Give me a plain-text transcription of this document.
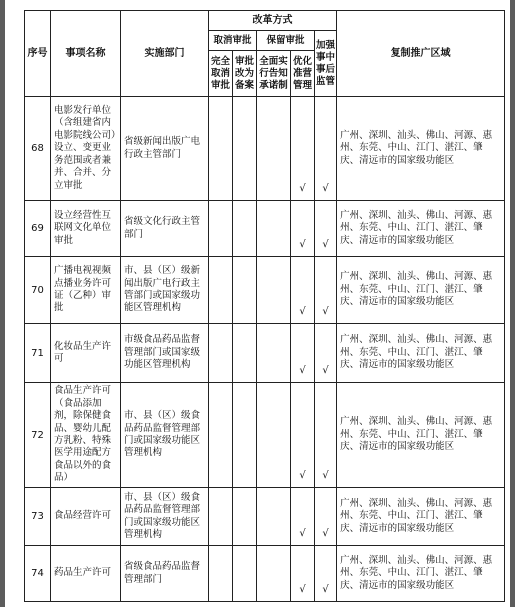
序号	事项名称	实施部门	改革方式					复制推广区域
			取消审批		保留审批		加强事中事后监管	
			完全取消审批	审批改为备案	全面实行告知承诺制	优化准营管理		
68	电影发行单位（含组建省内电影院线公司）设立、变更业务范围或者兼并、合并、分立审批	省级新闻出版广电行政主管部门				√	√	广州、深圳、汕头、佛山、河源、惠州、东莞、中山、江门、湛江、肇庆、清远市的国家级功能区
69	设立经营性互联网文化单位审批	省级文化行政主管部门				√	√	广州、深圳、汕头、佛山、河源、惠州、东莞、中山、江门、湛江、肇庆、清远市的国家级功能区
70	广播电视视频点播业务许可证（乙种）审批	市、县（区）级新闻出版广电行政主管部门或国家级功能区管理机构				√	√	广州、深圳、汕头、佛山、河源、惠州、东莞、中山、江门、湛江、肇庆、清远市的国家级功能区
71	化妆品生产许可	市级食品药品监督管理部门或国家级功能区管理机构				√	√	广州、深圳、汕头、佛山、河源、惠州、东莞、中山、江门、湛江、肇庆、清远市的国家级功能区
72	食品生产许可（食品添加剂，除保健食品、婴幼儿配方乳粉、特殊医学用途配方食品以外的食品）	市、县（区）级食品药品监督管理部门或国家级功能区管理机构				√	√	广州、深圳、汕头、佛山、河源、惠州、东莞、中山、江门、湛江、肇庆、清远市的国家级功能区
73	食品经营许可	市、县（区）级食品药品监督管理部门或国家级功能区管理机构				√	√	广州、深圳、汕头、佛山、河源、惠州、东莞、中山、江门、湛江、肇庆、清远市的国家级功能区
74	药品生产许可	省级食品药品监督管理部门				√	√	广州、深圳、汕头、佛山、河源、惠州、东莞、中山、江门、湛江、肇庆、清远市的国家级功能区
